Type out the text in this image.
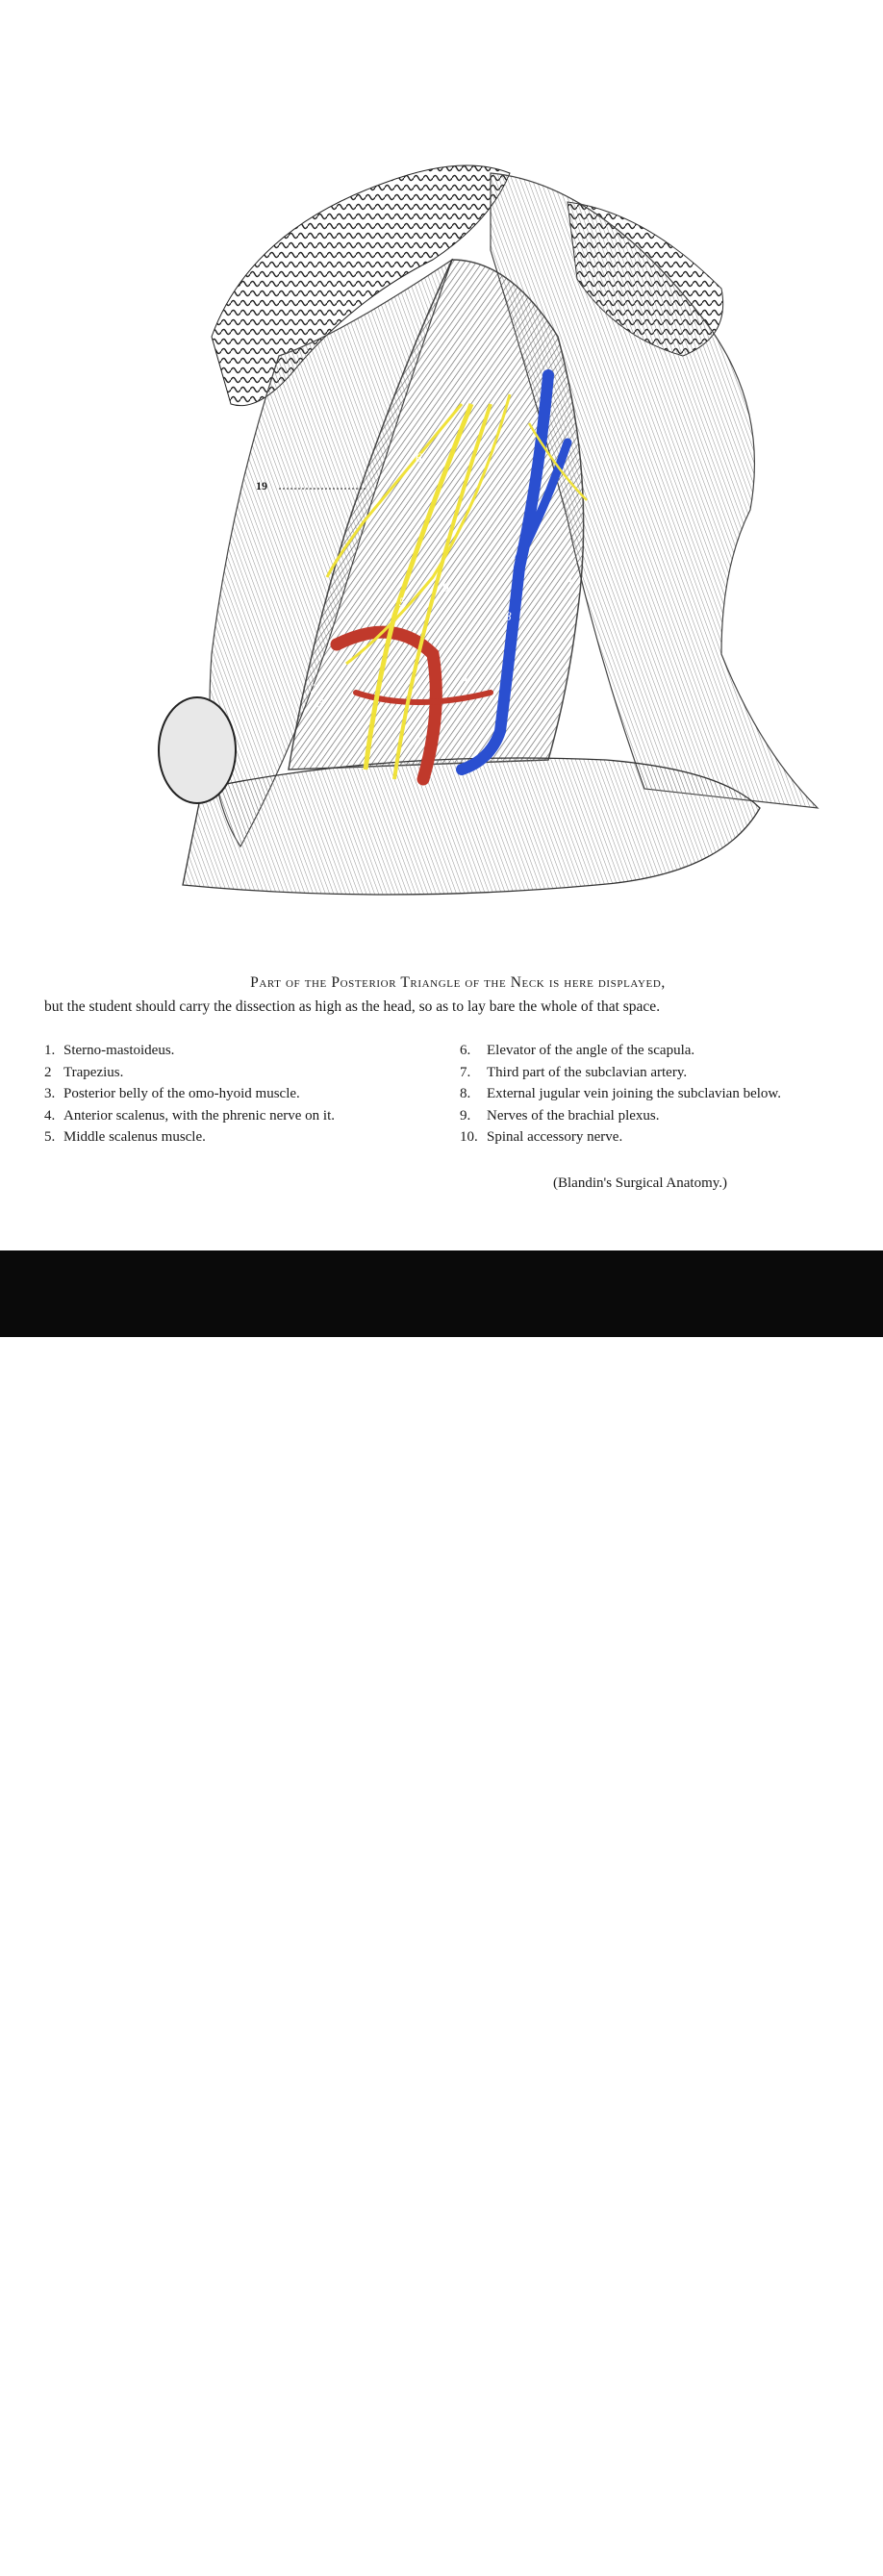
6
9
5
4
8
1
2
3
7
19
Part of the Posterior Triangle of the Neck is here displayed,
but the student should carry the dissection as high as the head, so as to lay bare the whole of that space.
1. Sterno-mastoideus.
2 Trapezius.
3. Posterior belly of the omo-hyoid muscle.
4. Anterior scalenus, with the phrenic nerve on it.
5. Middle scalenus muscle.
6.	Elevator of the angle of the scapula.
7.	Third part of the subclavian artery.
8.	External jugular vein joining the subclavian below.
9.	Nerves of the brachial plexus.
10. Spinal accessory nerve.
(Blandin's Surgical Anatomy.)
alamy	2E45R8T
www.alamy.com
